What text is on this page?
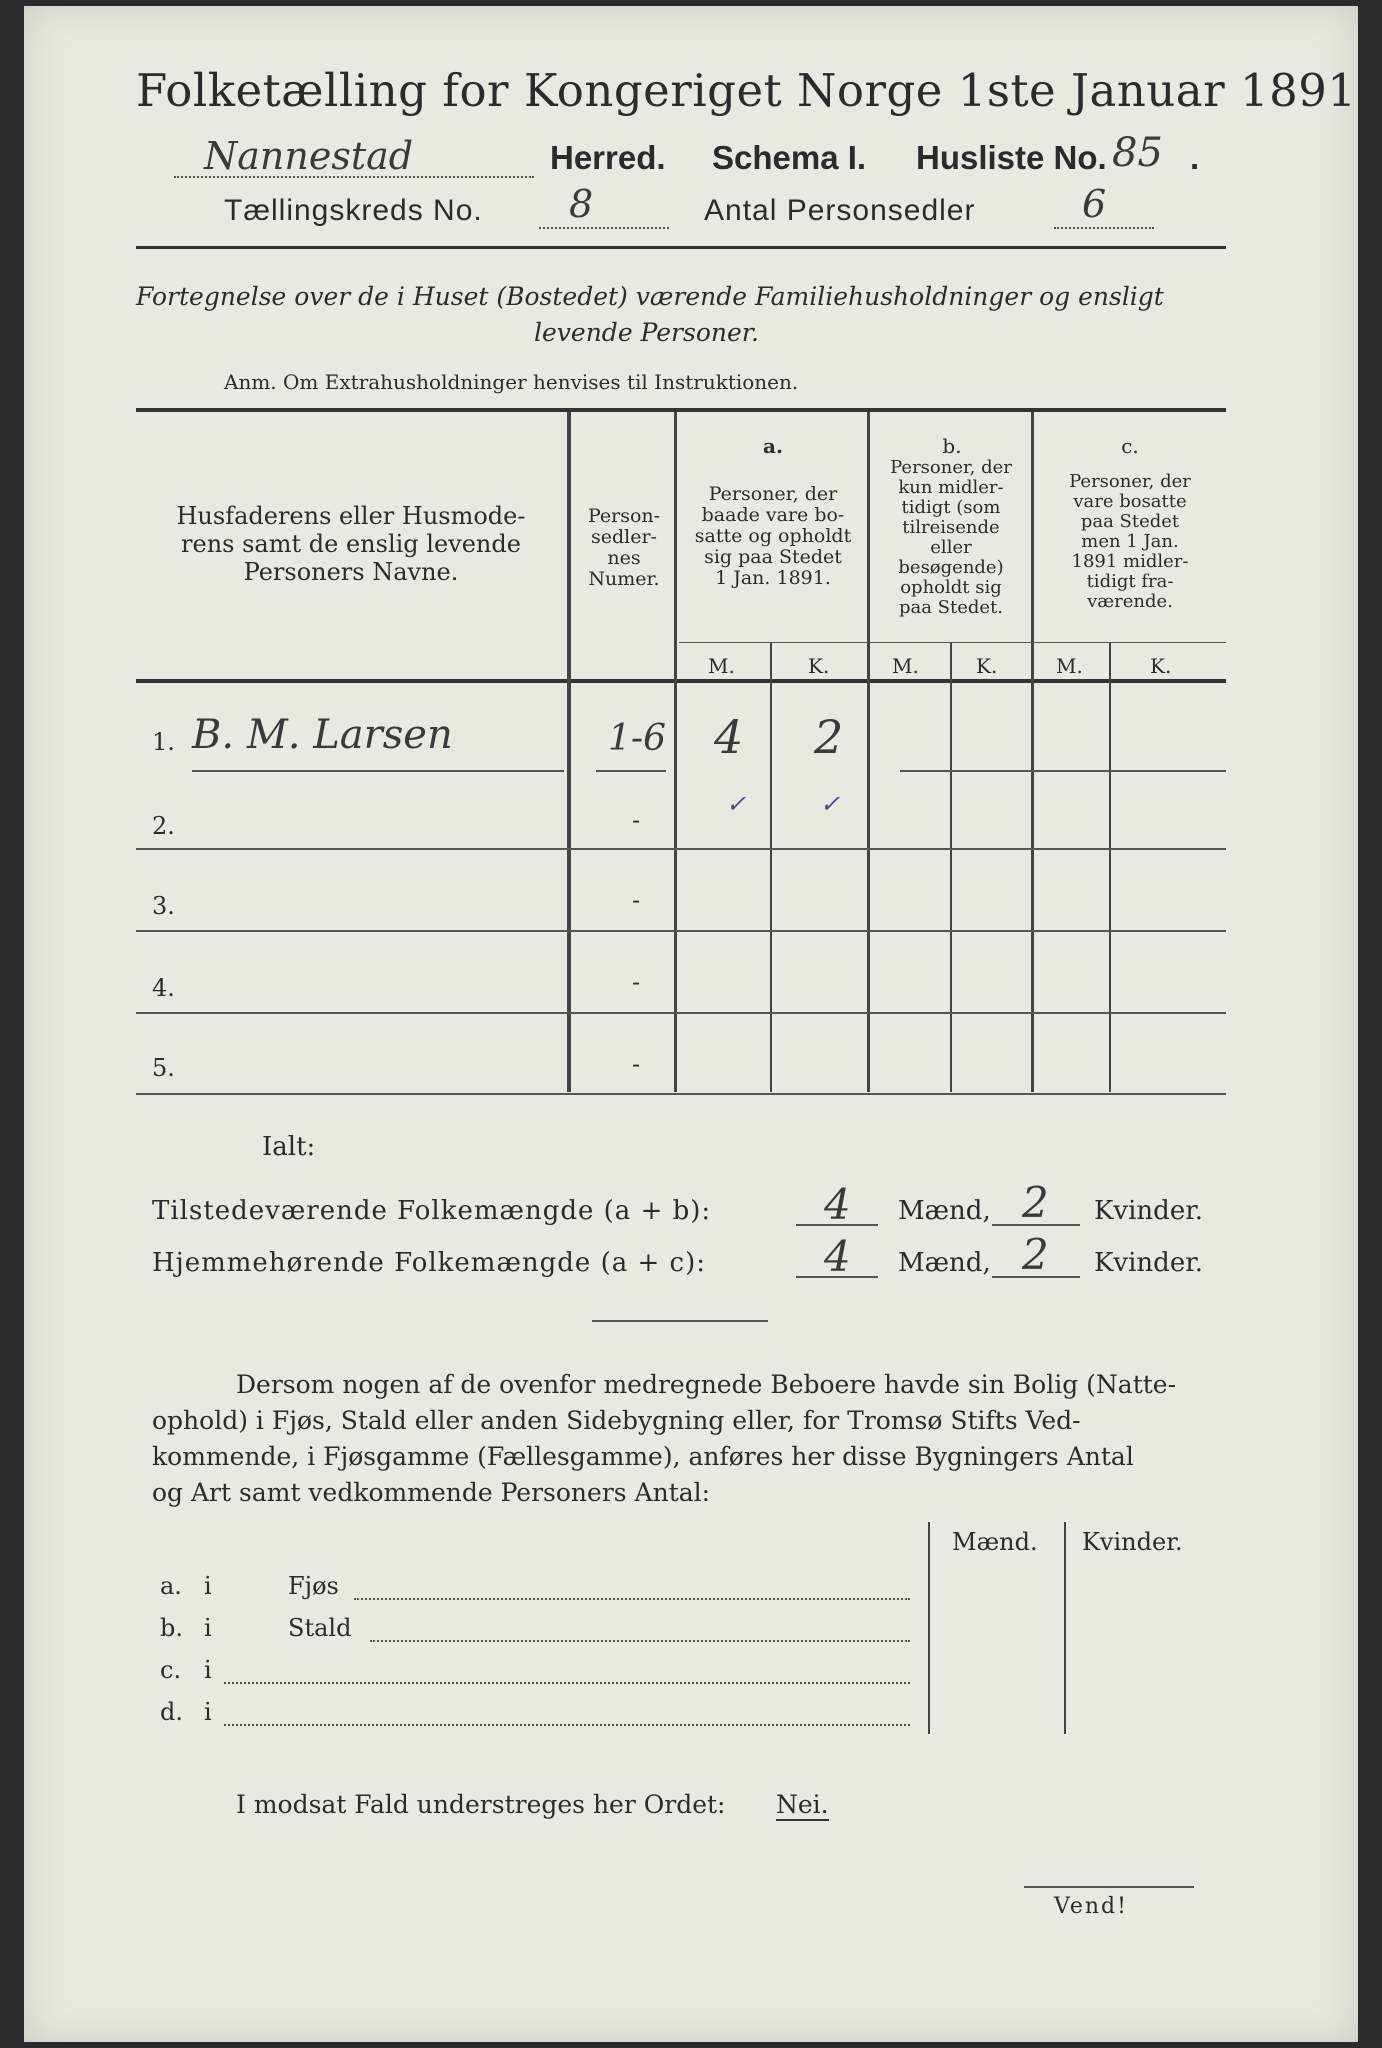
Folketælling for Kongeriget Norge 1ste Januar 1891.
Nannestad	Herred. Schema I. Husliste No. 85 .
Tællingskreds No. 8	Antal Personsedler	6
Fortegnelse over de i Huset (Bostedet) værende Familiehusholdninger og ensligt
levende Personer.
Anm. Om Extrahusholdninger henvises til Instruktionen.
Husfaderens eller Husmode-
rens samt de enslig levende
Personers Navne.
Person-
sedler-
nes
Numer.
a.
Personer, der
baade vare bo-
satte og opholdt
sig paa Stedet
1 Jan. 1891.
b.
Personer, der
kun midler-
tidigt (som
tilreisende
eller
besøgende)
opholdt sig
paa Stedet.
c.
Personer, der
vare bosatte
paa Stedet
men 1 Jan.
1891 midler-
tidigt fra-
værende.
M.	K.	M.	K.	M.	K.
1. B. M. Larsen	1-6 4 2
✓	✓
2.	-
3.	-
4.	-
5.	-
Ialt:
Tilstedeværende Folkemængde (a + b):	4 Mænd, 2 Kvinder.
Hjemmehørende Folkemængde (a + c):	4 Mænd, 2 Kvinder.
Dersom nogen af de ovenfor medregnede Beboere havde sin Bolig (Natte-
ophold) i Fjøs, Stald eller anden Sidebygning eller, for Tromsø Stifts Ved-
kommende, i Fjøsgamme (Fællesgamme), anføres her disse Bygningers Antal
og Art samt vedkommende Personers Antal:
Mænd. Kvinder.
a. i	Fjøs
b. i	Stald
c. i
d. i
I modsat Fald understreges her Ordet: Nei.
Vend!
